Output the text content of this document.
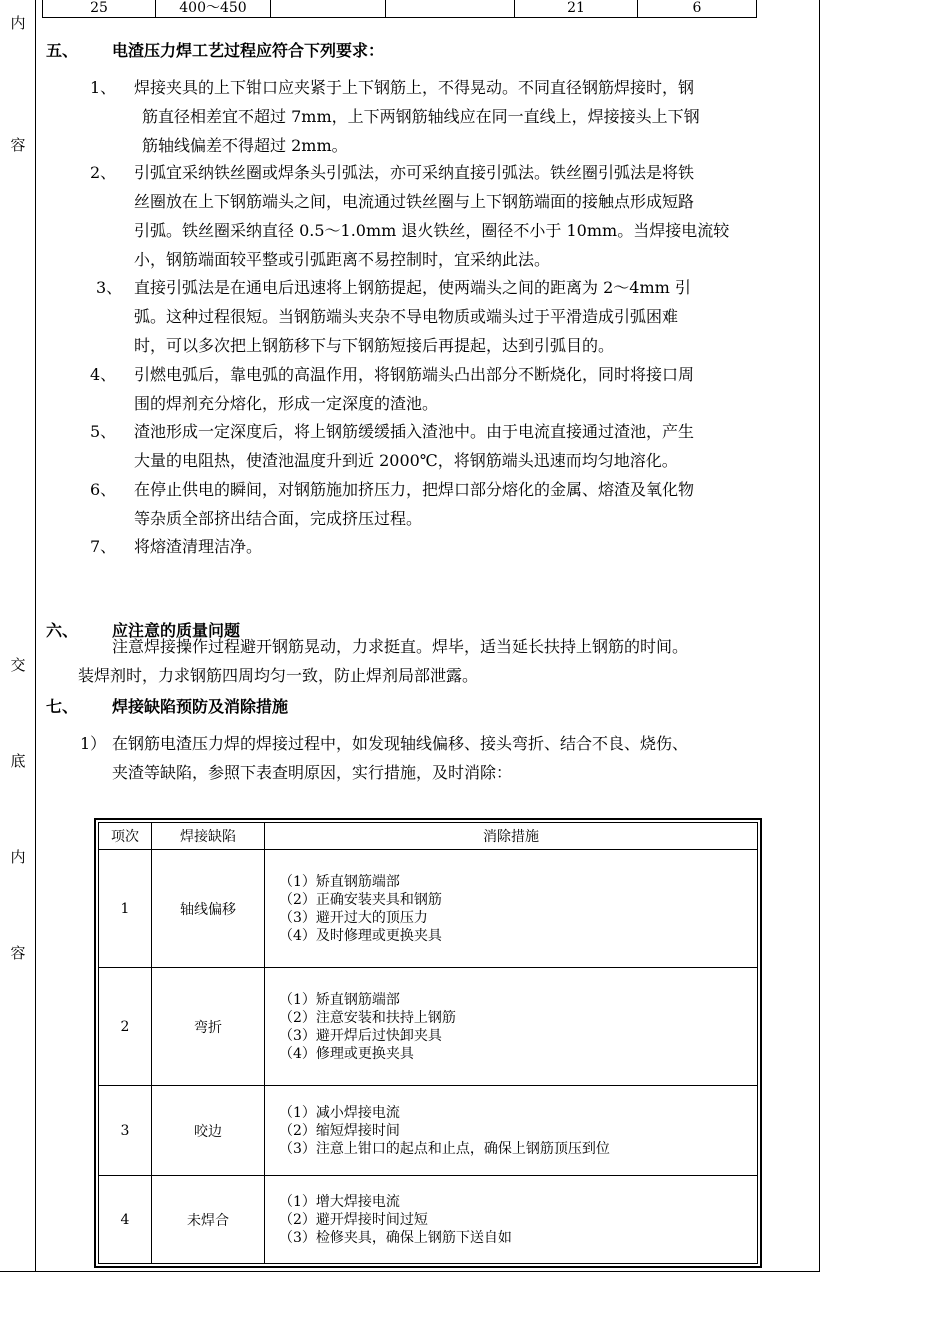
内
容
交
底
内
容
25	400～450			21	6
五、 电渣压力焊工艺过程应符合下列要求：
1、 焊接夹具的上下钳口应夹紧于上下钢筋上，不得晃动。不同直径钢筋焊接时，钢
筋直径相差宜不超过 7mm，上下两钢筋轴线应在同一直线上，焊接接头上下钢
筋轴线偏差不得超过 2mm。
2、 引弧宜采纳铁丝圈或焊条头引弧法，亦可采纳直接引弧法。铁丝圈引弧法是将铁
丝圈放在上下钢筋端头之间，电流通过铁丝圈与上下钢筋端面的接触点形成短路
引弧。铁丝圈采纳直径 0.5～1.0mm 退火铁丝，圈径不小于 10mm。当焊接电流较
小，钢筋端面较平整或引弧距离不易控制时，宜采纳此法。
3、 直接引弧法是在通电后迅速将上钢筋提起，使两端头之间的距离为 2～4mm 引
弧。这种过程很短。当钢筋端头夹杂不导电物质或端头过于平滑造成引弧困难
时，可以多次把上钢筋移下与下钢筋短接后再提起，达到引弧目的。
4、 引燃电弧后，靠电弧的高温作用，将钢筋端头凸出部分不断烧化，同时将接口周
围的焊剂充分熔化，形成一定深度的渣池。
5、 渣池形成一定深度后，将上钢筋缓缓插入渣池中。由于电流直接通过渣池，产生
大量的电阻热，使渣池温度升到近 2000℃，将钢筋端头迅速而均匀地溶化。
6、 在停止供电的瞬间，对钢筋施加挤压力，把焊口部分熔化的金属、熔渣及氧化物
等杂质全部挤出结合面，完成挤压过程。
7、 将熔渣清理洁净。
六、 应注意的质量问题
注意焊接操作过程避开钢筋晃动，力求挺直。焊毕，适当延长扶持上钢筋的时间。
装焊剂时，力求钢筋四周均匀一致，防止焊剂局部泄露。
七、 焊接缺陷预防及消除措施
1） 在钢筋电渣压力焊的焊接过程中，如发现轴线偏移、接头弯折、结合不良、烧伤、
夹渣等缺陷，参照下表查明原因，实行措施，及时消除：
项次	焊接缺陷	消除措施
1	轴线偏移	（1）矫直钢筋端部
（2）正确安装夹具和钢筋
（3）避开过大的顶压力
（4）及时修理或更换夹具

2	弯折	（1）矫直钢筋端部
（2）注意安装和扶持上钢筋
（3）避开焊后过快卸夹具
（4）修理或更换夹具

3	咬边	（1）减小焊接电流
（2）缩短焊接时间
（3）注意上钳口的起点和止点，确保上钢筋顶压到位

4	未焊合	（1）增大焊接电流
（2）避开焊接时间过短
（3）检修夹具，确保上钢筋下送自如
